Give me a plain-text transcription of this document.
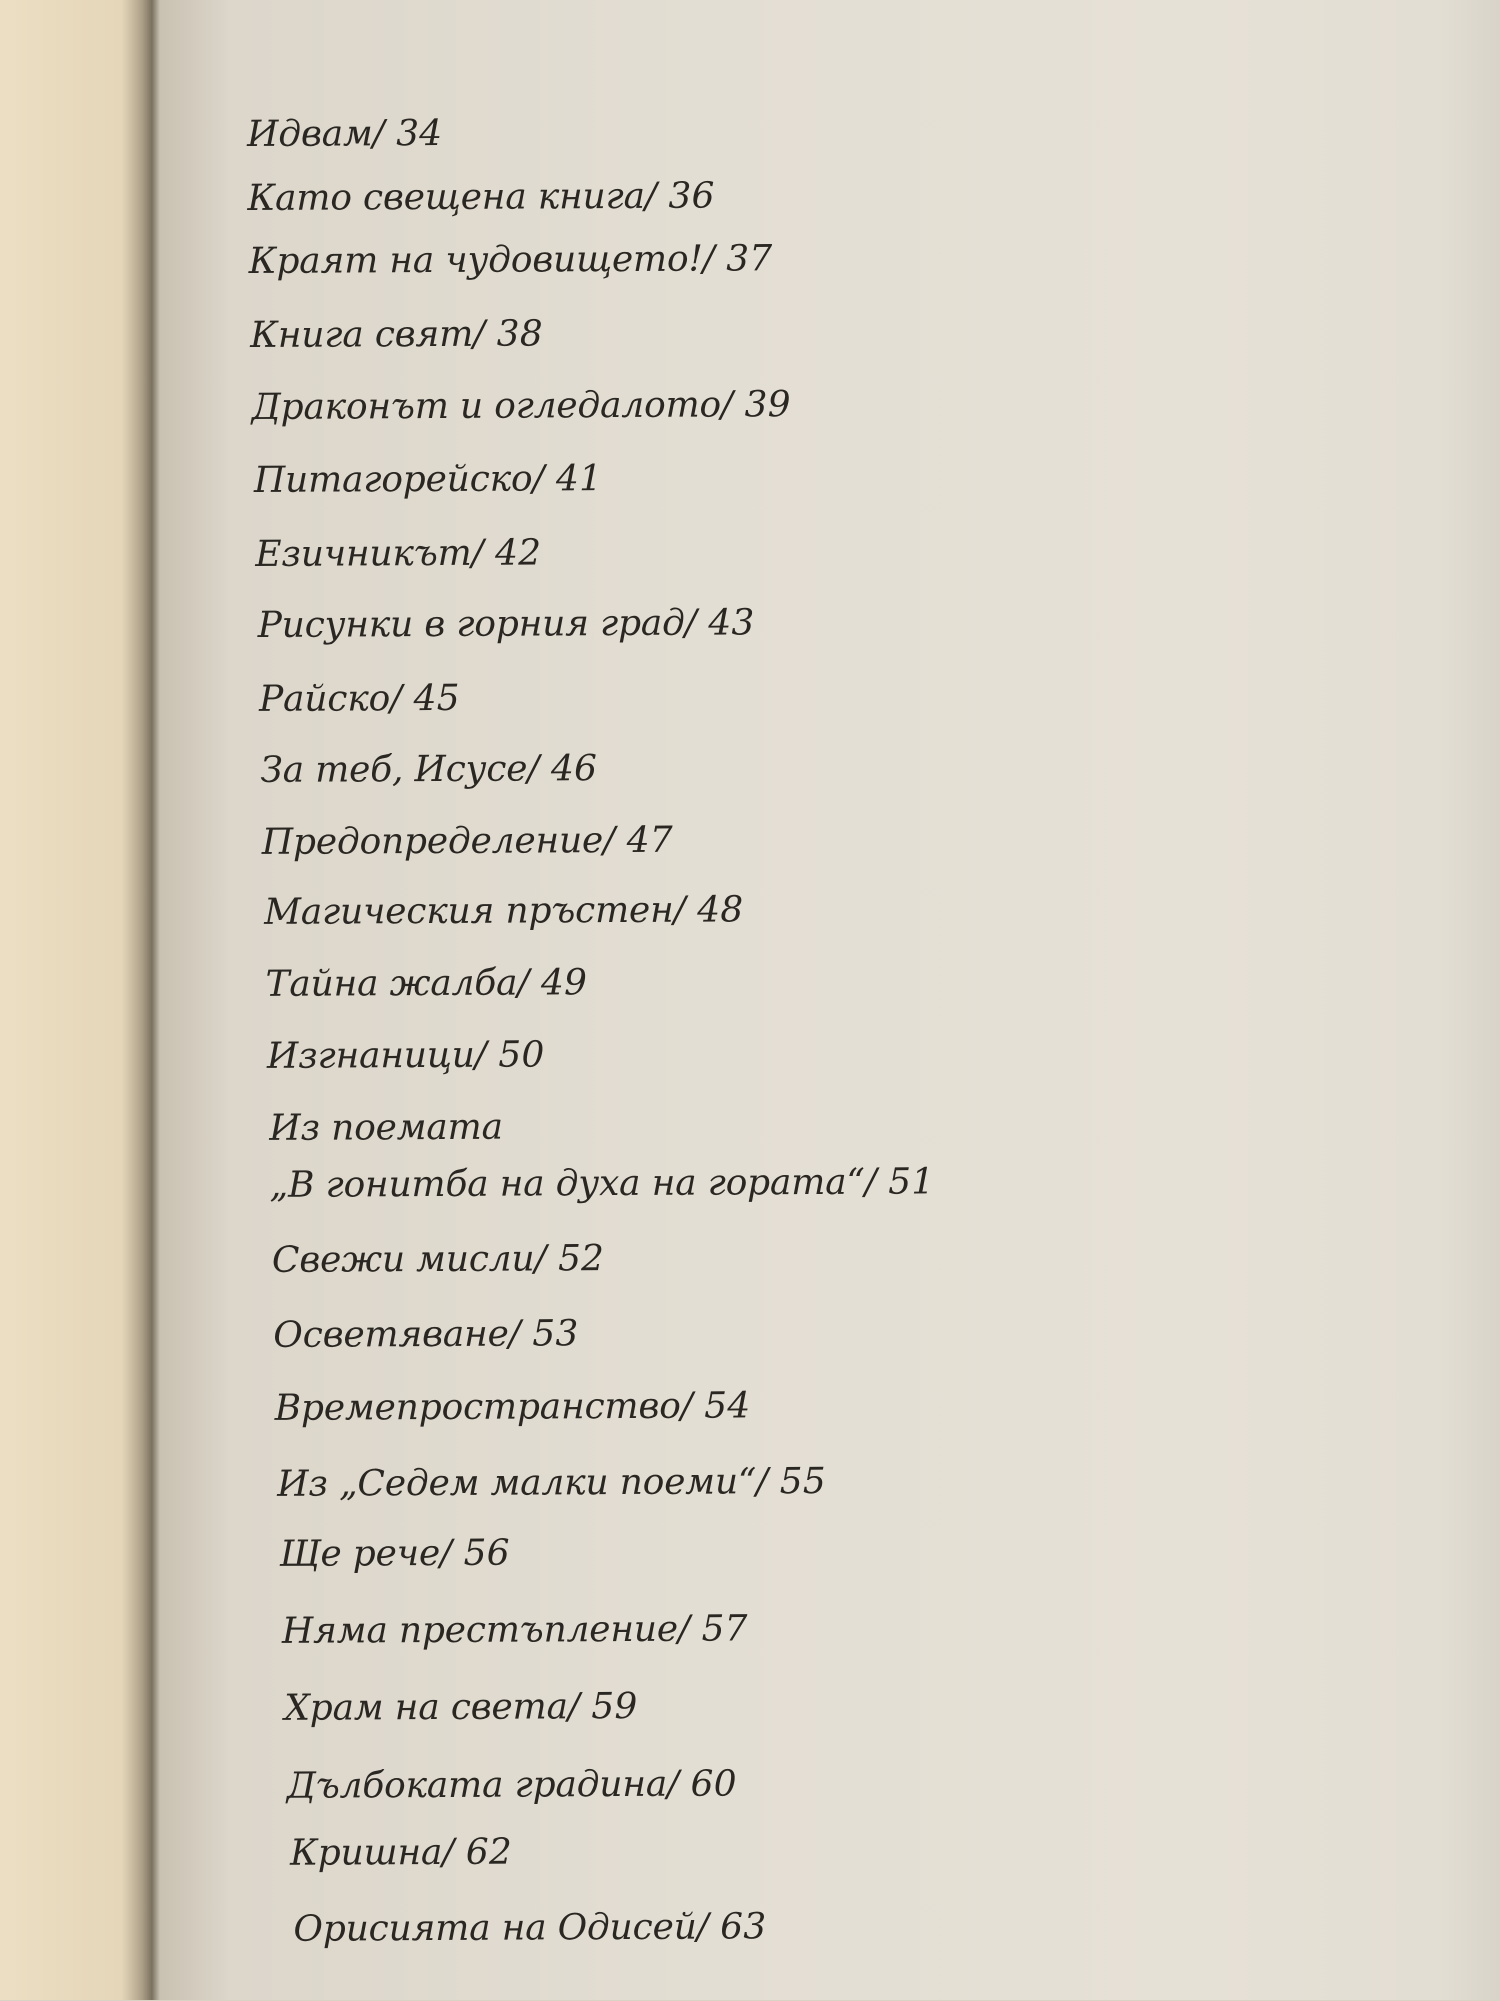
Идвам/ 34
Като свещена книга/ 36
Краят на чудовището!/ 37
Книга свят/ 38
Драконът и огледалото/ 39
Питагорейско/ 41
Езичникът/ 42
Рисунки в горния град/ 43
Райско/ 45
За теб, Исусе/ 46
Предопределение/ 47
Магическия пръстен/ 48
Тайна жалба/ 49
Изгнаници/ 50
Из поемата
„В гонитба на духа на гората“/ 51
Свежи мисли/ 52
Осветяване/ 53
Времепространство/ 54
Из „Седем малки поеми“/ 55
Ще рече/ 56
Няма престъпление/ 57
Храм на света/ 59
Дълбоката градина/ 60
Кришна/ 62
Орисията на Одисей/ 63
